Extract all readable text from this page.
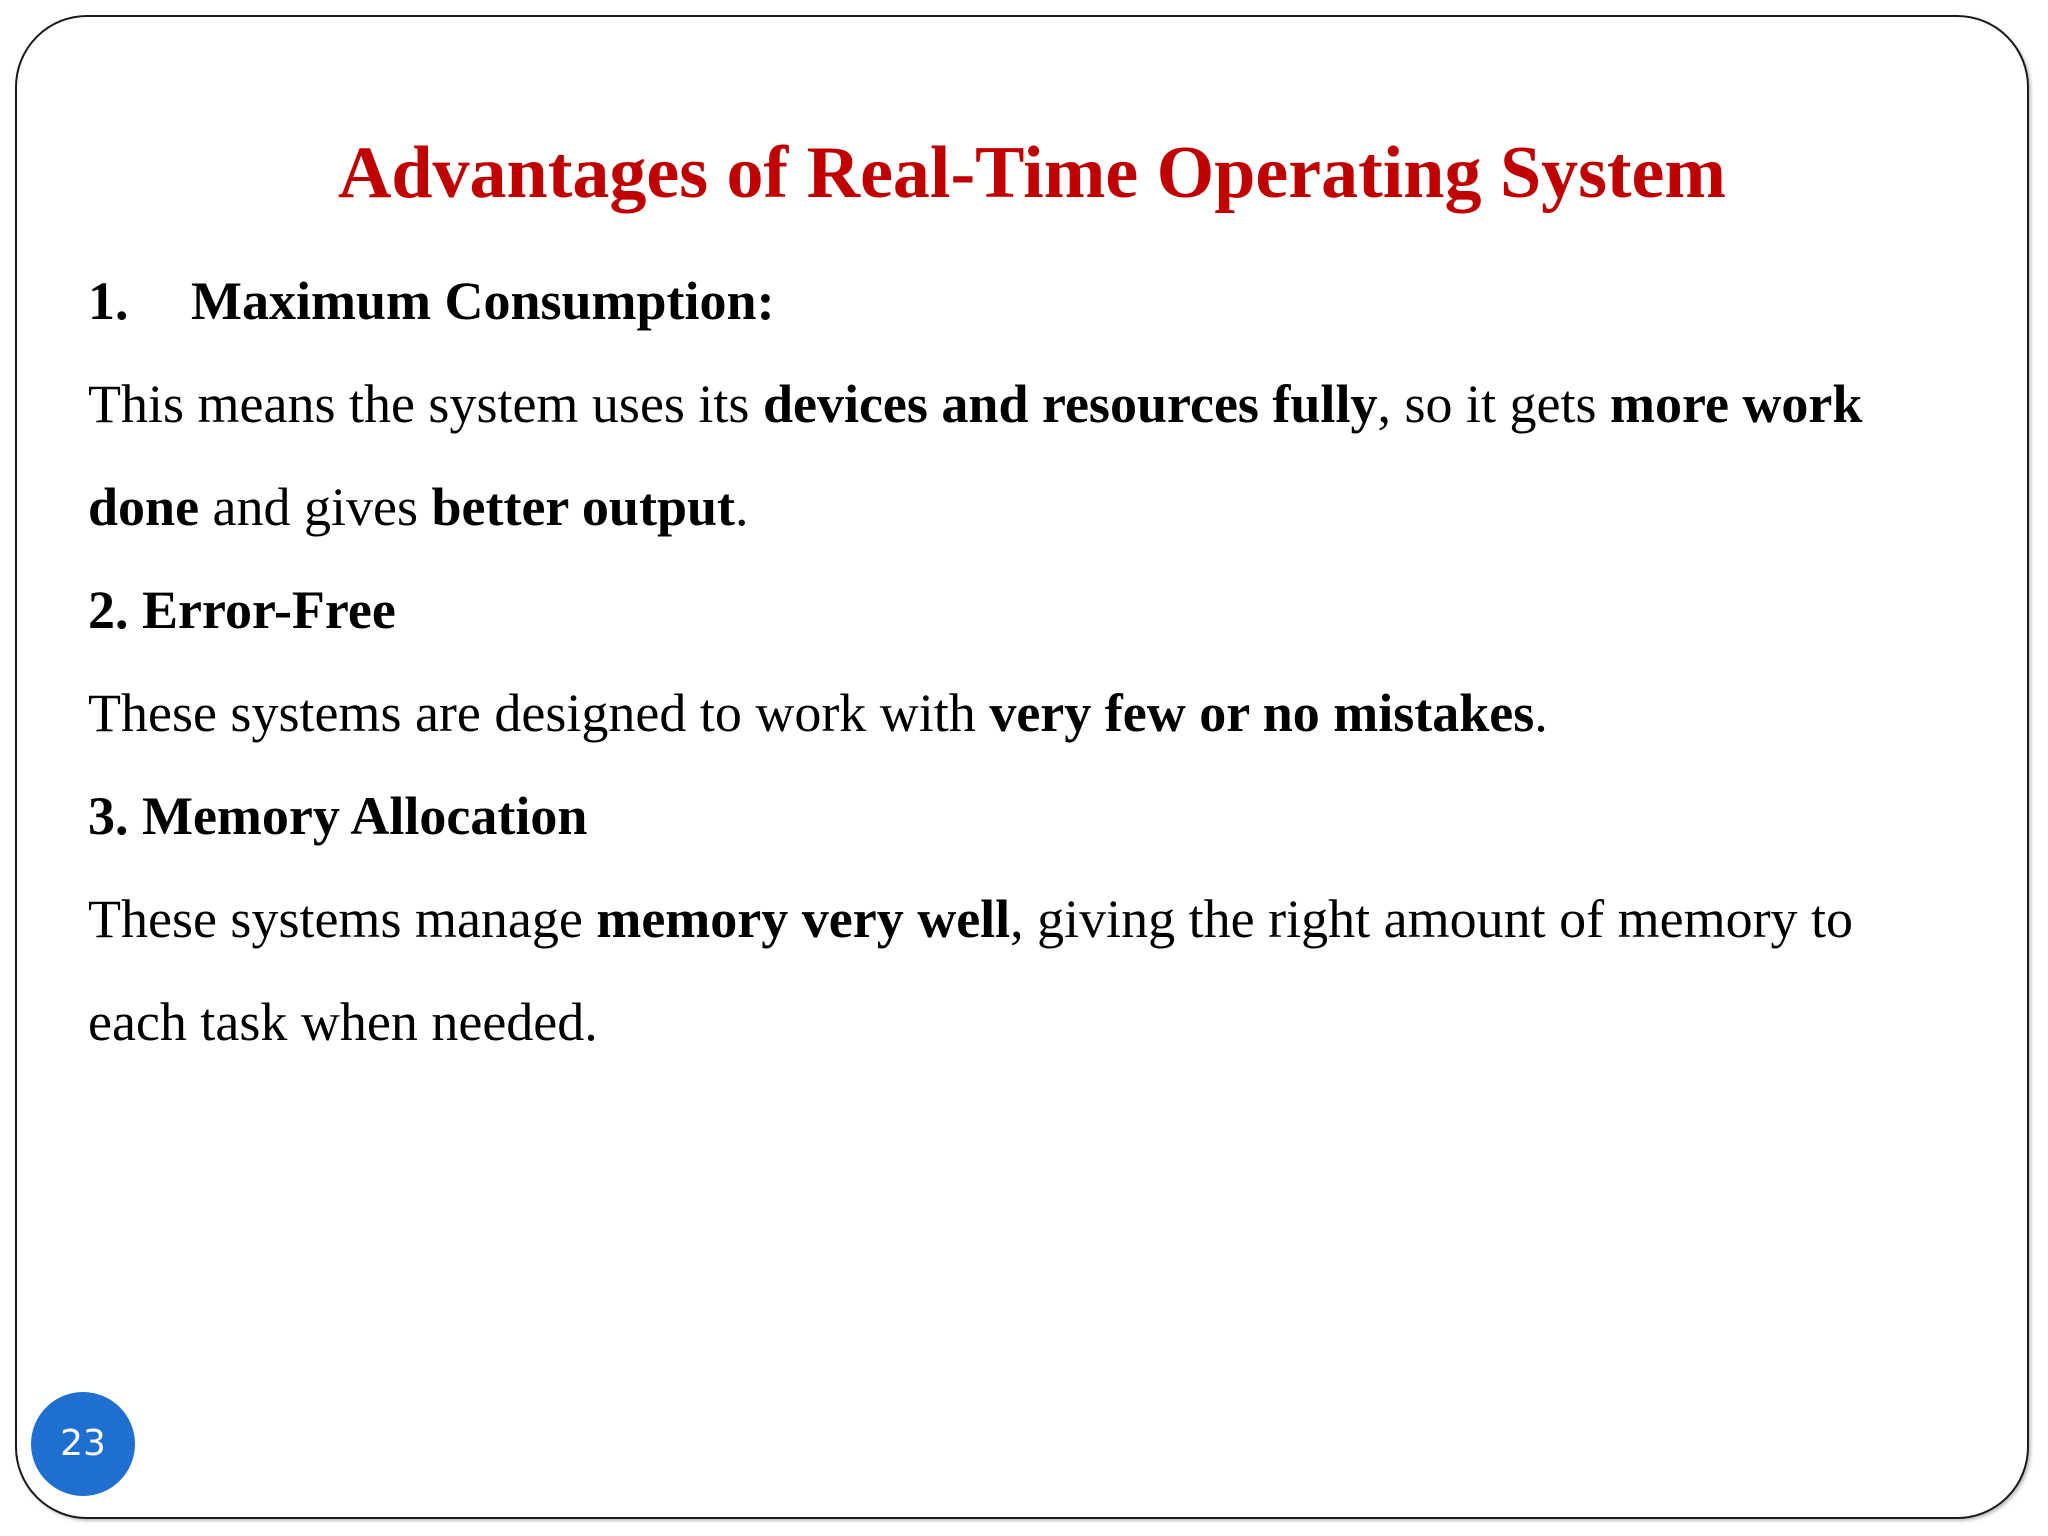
Advantages of Real-Time Operating System
1. Maximum Consumption:
This means the system uses its devices and resources fully, so it gets more work
done and gives better output.
2. Error-Free
These systems are designed to work with very few or no mistakes.
3. Memory Allocation
These systems manage memory very well, giving the right amount of memory to
each task when needed.
23
